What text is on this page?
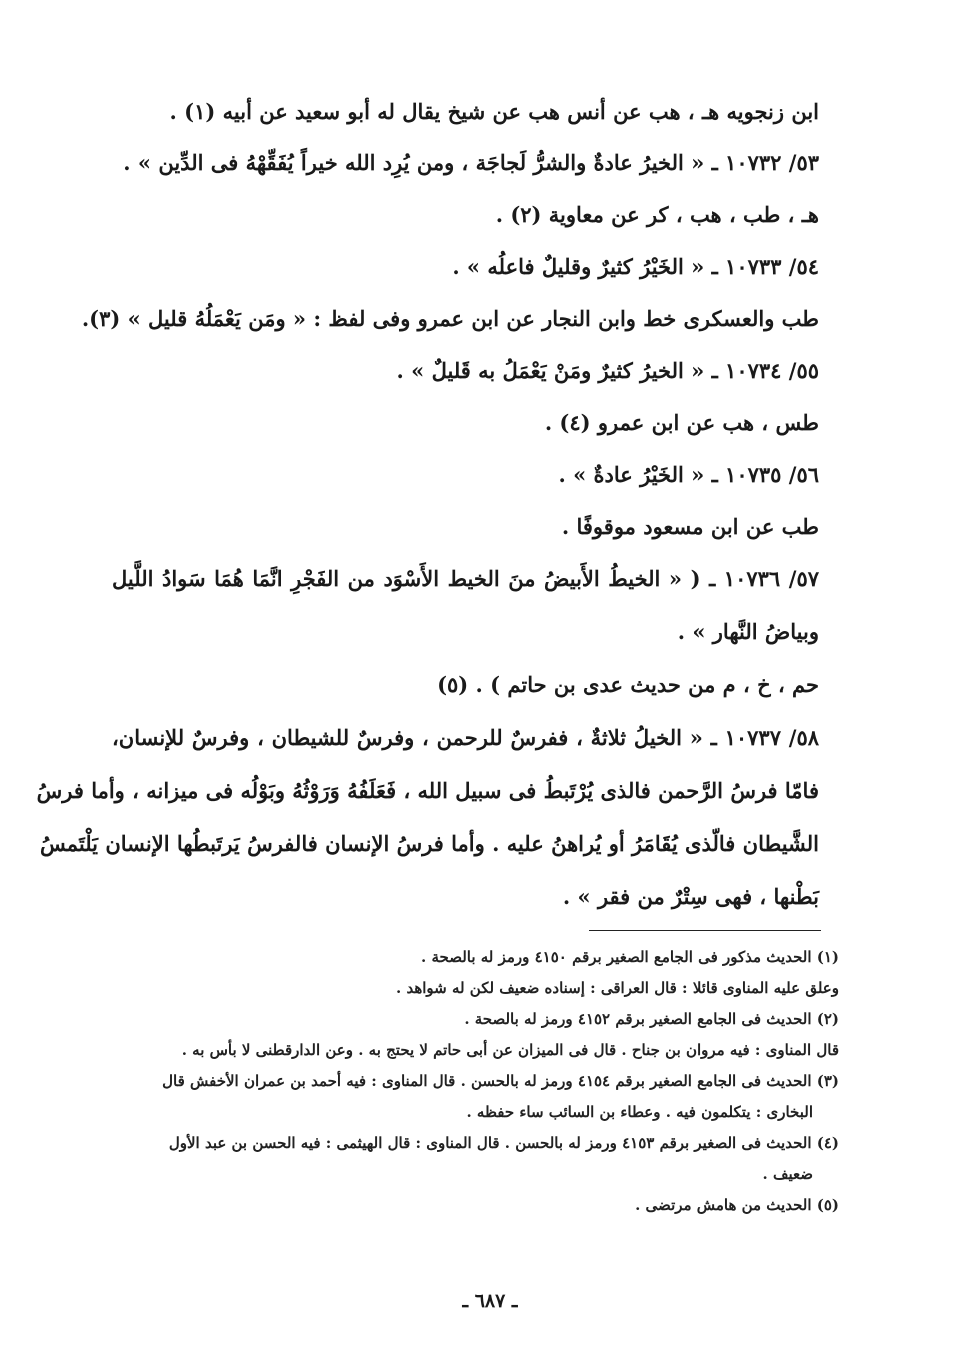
ابن زنجويه هـ ، هب عن أنس هب عن شيخ يقال له أبو سعيد عن أبيه (١) .
٥٣/ ١٠٧٣٢ ـ « الخيرُ عادةٌ والشرُّ لَجاجَة ، ومن يُرِد الله خيراً يُفَقِّهْهُ فى الدِّين » .
هـ ، طب ، هب ، كر عن معاوية (٢) .
٥٤/ ١٠٧٣٣ ـ « الخَيْرُ كثيرٌ وقليلٌ فاعلُه » .
طب والعسكرى خط وابن النجار عن ابن عمرو وفى لفظ : « ومَن يَعْمَلُهُ قليل » (٣).
٥٥/ ١٠٧٣٤ ـ « الخيرُ كثيرٌ ومَنْ يَعْمَلُ به قَليلٌ » .
طس ، هب عن ابن عمرو (٤) .
٥٦/ ١٠٧٣٥ ـ « الخَيْرُ عادةٌ » .
طب عن ابن مسعود موقوفًا .
٥٧/ ١٠٧٣٦ ـ ( « الخيطُ الأَبيضُ منَ الخيط الأَسْوَد من الفَجْرِ انَّمَا هُمَا سَوادُ اللَّيل
وبياضُ النَّهار » .
حم ، خ ، م من حديث عدى بن حاتم ) . (٥)
٥٨/ ١٠٧٣٧ ـ « الخيلُ ثلاثةٌ ، ففرسٌ للرحمن ، وفرسٌ للشيطان ، وفرسٌ للإنسان،
فامّا فرسُ الرَّحمن فالذى يُرْتَبطُ فى سبيل الله ، فَعَلَفُهُ وَرَوْثُهُ وبَوْلُه فى ميزانه ، وأما فرسُ
الشَّيطان فالّذى يُقَامَرُ أو يُراهنُ عليه . وأما فرسُ الإنسان فالفرسُ يَرتَبطُها الإنسان يَلْتَمسُ
بَطْنها ، فهى سِتْرٌ من فقر » .
(١) الحديث مذكور فى الجامع الصغير برقم ٤١٥٠ ورمز له بالصحة .
وعلق عليه المناوى قائلا : قال العراقى : إسناده ضعيف لكن له شواهد .
(٢) الحديث فى الجامع الصغير برقم ٤١٥٢ ورمز له بالصحة .
قال المناوى : فيه مروان بن جناح . قال فى الميزان عن أبى حاتم لا يحتج به . وعن الدارقطنى لا بأس به .
(٣) الحديث فى الجامع الصغير برقم ٤١٥٤ ورمز له بالحسن . قال المناوى : فيه أحمد بن عمران الأخفش قال
البخارى : يتكلمون فيه . وعطاء بن السائب ساء حفظه .
(٤) الحديث فى الصغير برقم ٤١٥٣ ورمز له بالحسن . قال المناوى : قال الهيثمى : فيه الحسن بن عبد الأول
ضعيف .
(٥) الحديث من هامش مرتضى .
ـ ٦٨٧ ـ
